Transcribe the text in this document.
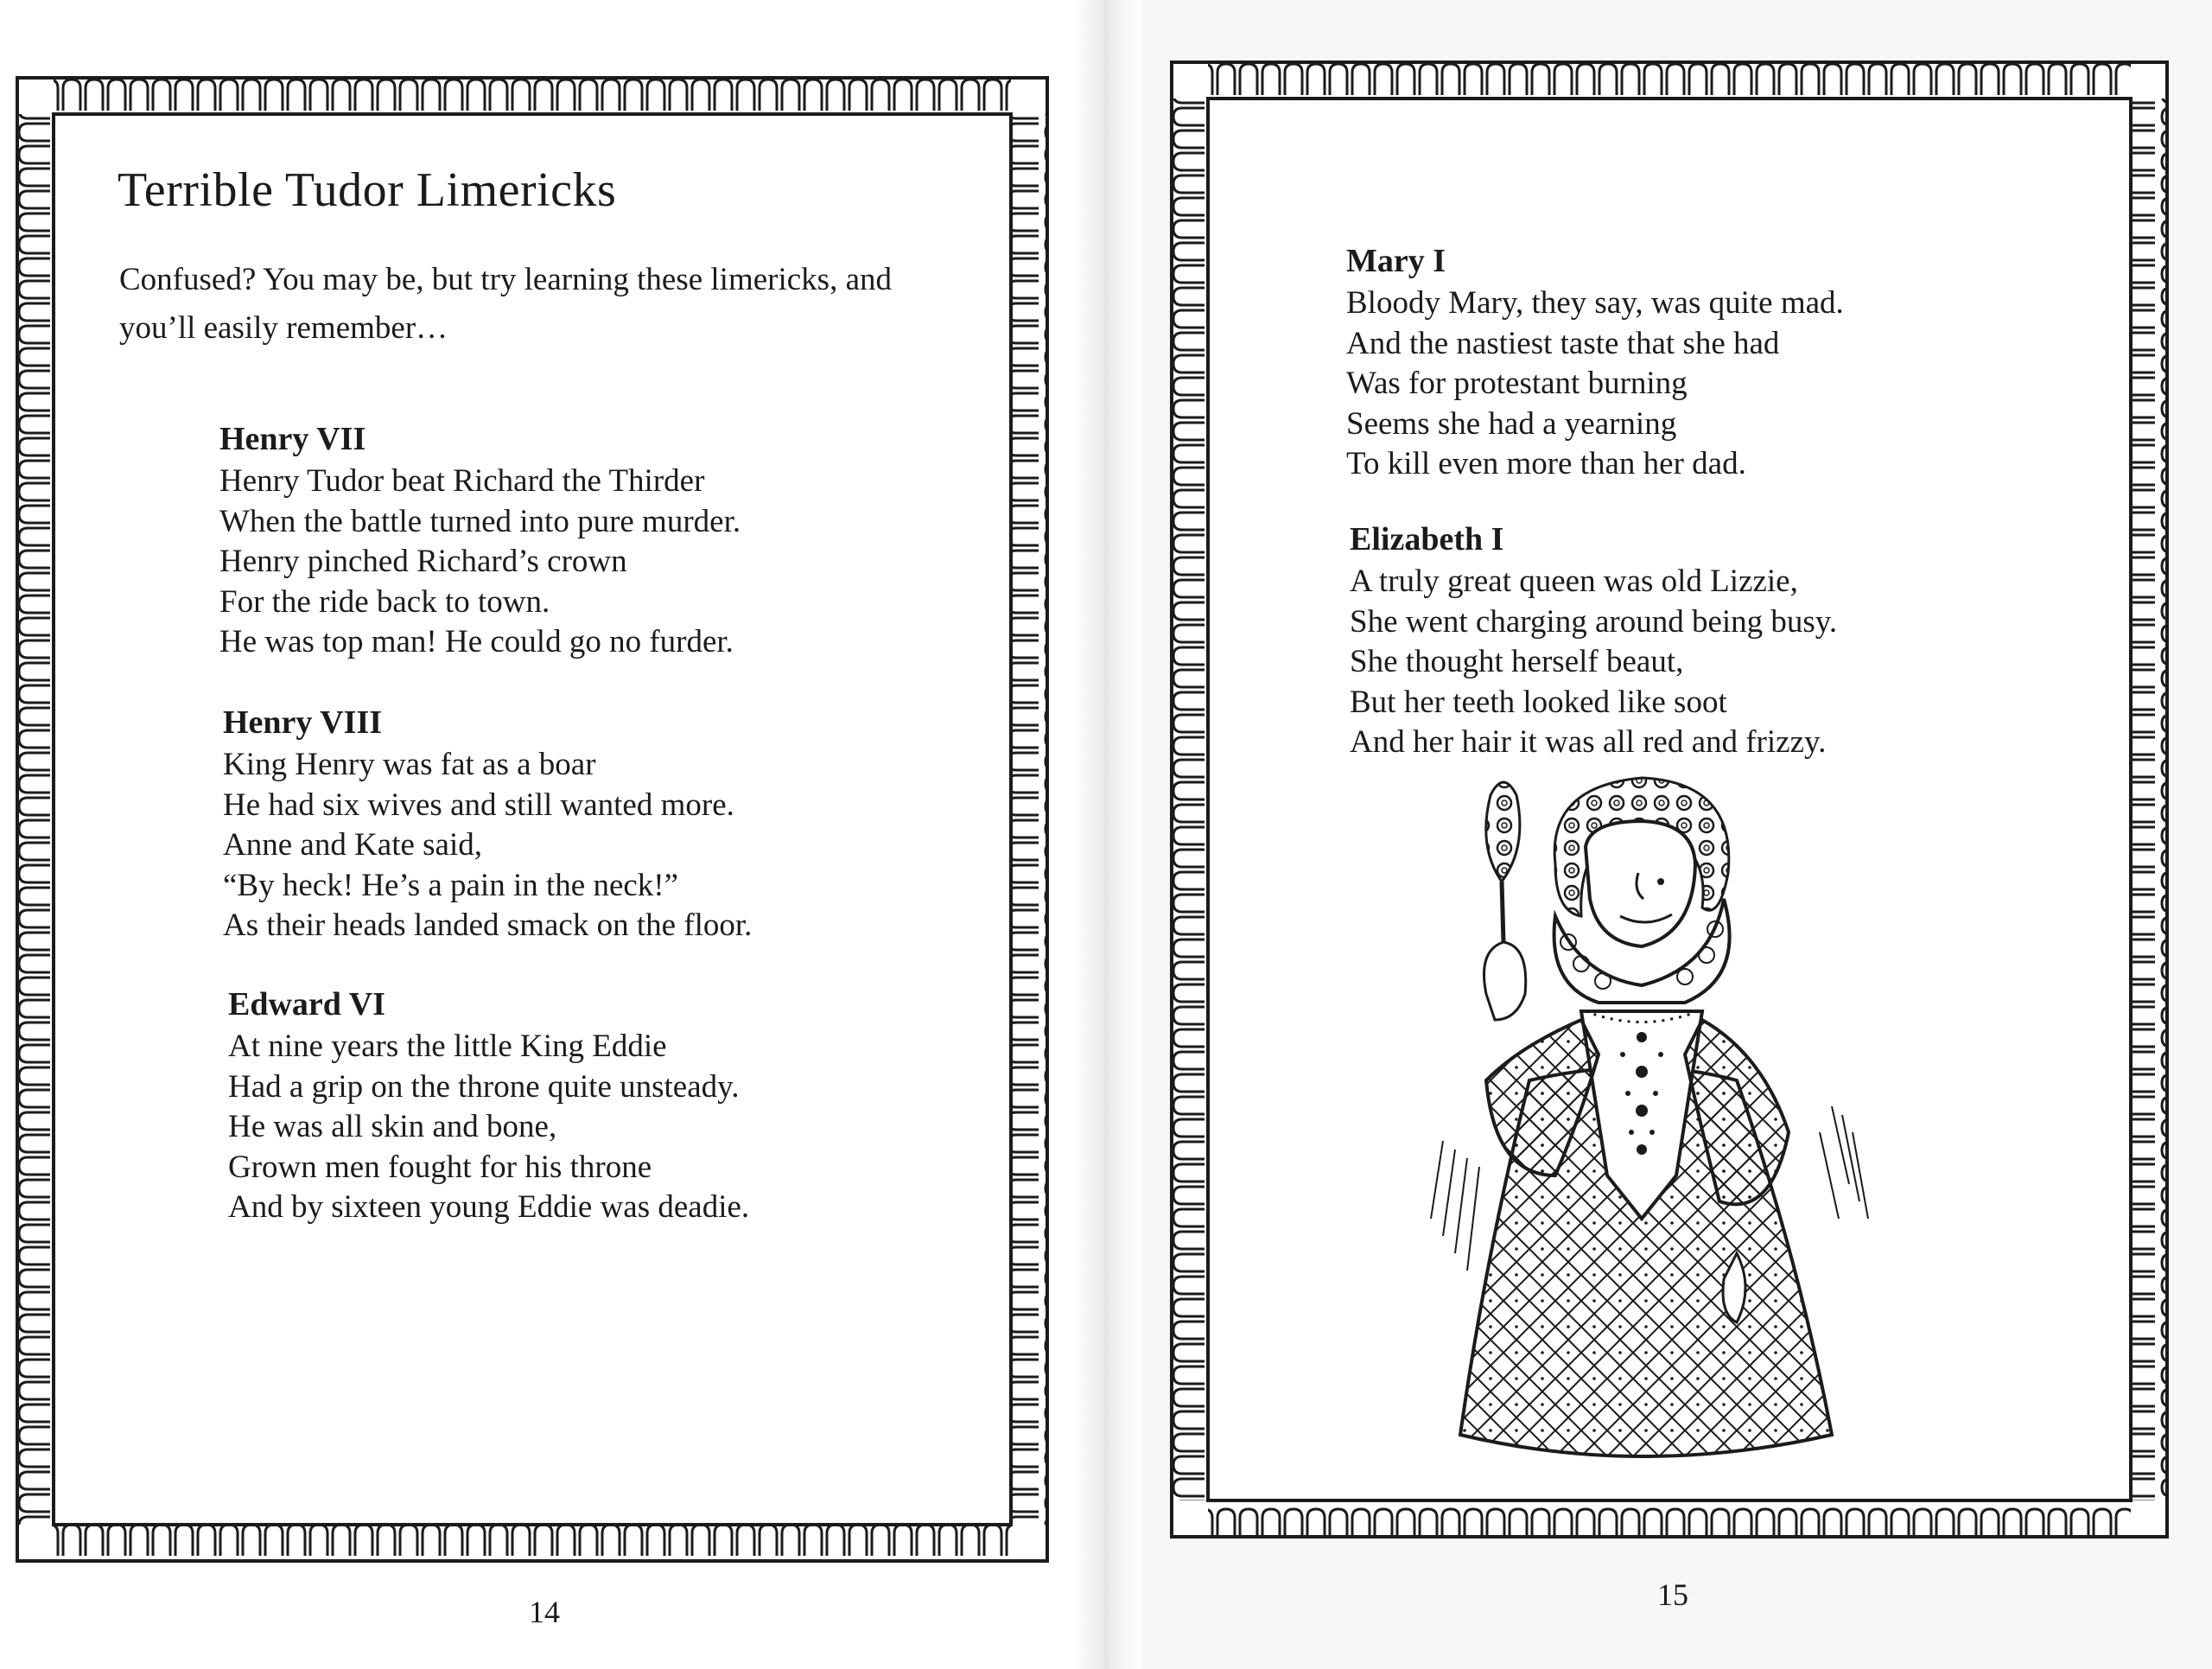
Terrible Tudor Limericks
Confused? You may be, but try learning these limericks, and
you’ll easily remember…
Henry VII
Henry Tudor beat Richard the Thirder
When the battle turned into pure murder.
Henry pinched Richard’s crown
For the ride back to town.
He was top man! He could go no furder.
Henry VIII
King Henry was fat as a boar
He had six wives and still wanted more.
Anne and Kate said,
“By heck! He’s a pain in the neck!”
As their heads landed smack on the floor.
Edward VI
At nine years the little King Eddie
Had a grip on the throne quite unsteady.
He was all skin and bone,
Grown men fought for his throne
And by sixteen young Eddie was deadie.
14
Mary I
Bloody Mary, they say, was quite mad.
And the nastiest taste that she had
Was for protestant burning
Seems she had a yearning
To kill even more than her dad.
Elizabeth I
A truly great queen was old Lizzie,
She went charging around being busy.
She thought herself beaut,
But her teeth looked like soot
And her hair it was all red and frizzy.
15
